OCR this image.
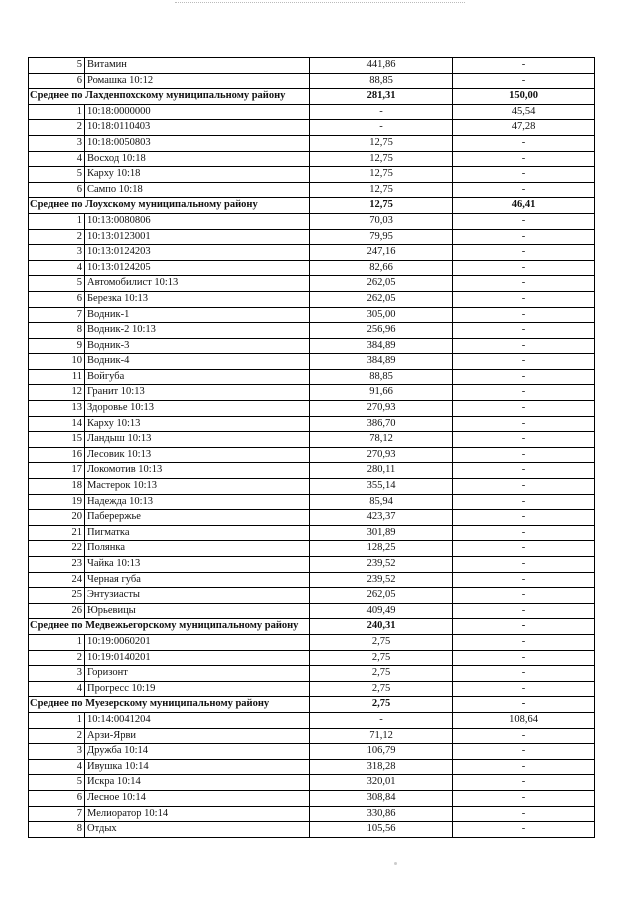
5	Витамин	441,86	-
6	Ромашка 10:12	88,85	-
Среднее по Лахденпохскому муниципальному району		281,31	150,00
1	10:18:0000000	-	45,54
2	10:18:0110403	-	47,28
3	10:18:0050803	12,75	-
4	Восход 10:18	12,75	-
5	Карху 10:18	12,75	-
6	Сампо 10:18	12,75	-
Среднее по Лоухскому муниципальному району		12,75	46,41
1	10:13:0080806	70,03	-
2	10:13:0123001	79,95	-
3	10:13:0124203	247,16	-
4	10:13:0124205	82,66	-
5	Автомобилист 10:13	262,05	-
6	Березка 10:13	262,05	-
7	Водник-1	305,00	-
8	Водник-2 10:13	256,96	-
9	Водник-3	384,89	-
10	Водник-4	384,89	-
11	Войгуба	88,85	-
12	Гранит 10:13	91,66	-
13	Здоровье 10:13	270,93	-
14	Карху 10:13	386,70	-
15	Ландыш 10:13	78,12	-
16	Лесовик 10:13	270,93	-
17	Локомотив 10:13	280,11	-
18	Мастерок 10:13	355,14	-
19	Надежда 10:13	85,94	-
20	Паберержье	423,37	-
21	Пигматка	301,89	-
22	Полянка	128,25	-
23	Чайка 10:13	239,52	-
24	Черная губа	239,52	-
25	Энтузиасты	262,05	-
26	Юрьевицы	409,49	-
Среднее по Медвежьегорскому муниципальному району		240,31	-
1	10:19:0060201	2,75	-
2	10:19:0140201	2,75	-
3	Горизонт	2,75	-
4	Прогресс 10:19	2,75	-
Среднее по Муезерскому муниципальному району		2,75	-
1	10:14:0041204	-	108,64
2	Арзи-Ярви	71,12	-
3	Дружба 10:14	106,79	-
4	Ивушка 10:14	318,28	-
5	Искра 10:14	320,01	-
6	Лесное 10:14	308,84	-
7	Мелиоратор 10:14	330,86	-
8	Отдых	105,56	-
